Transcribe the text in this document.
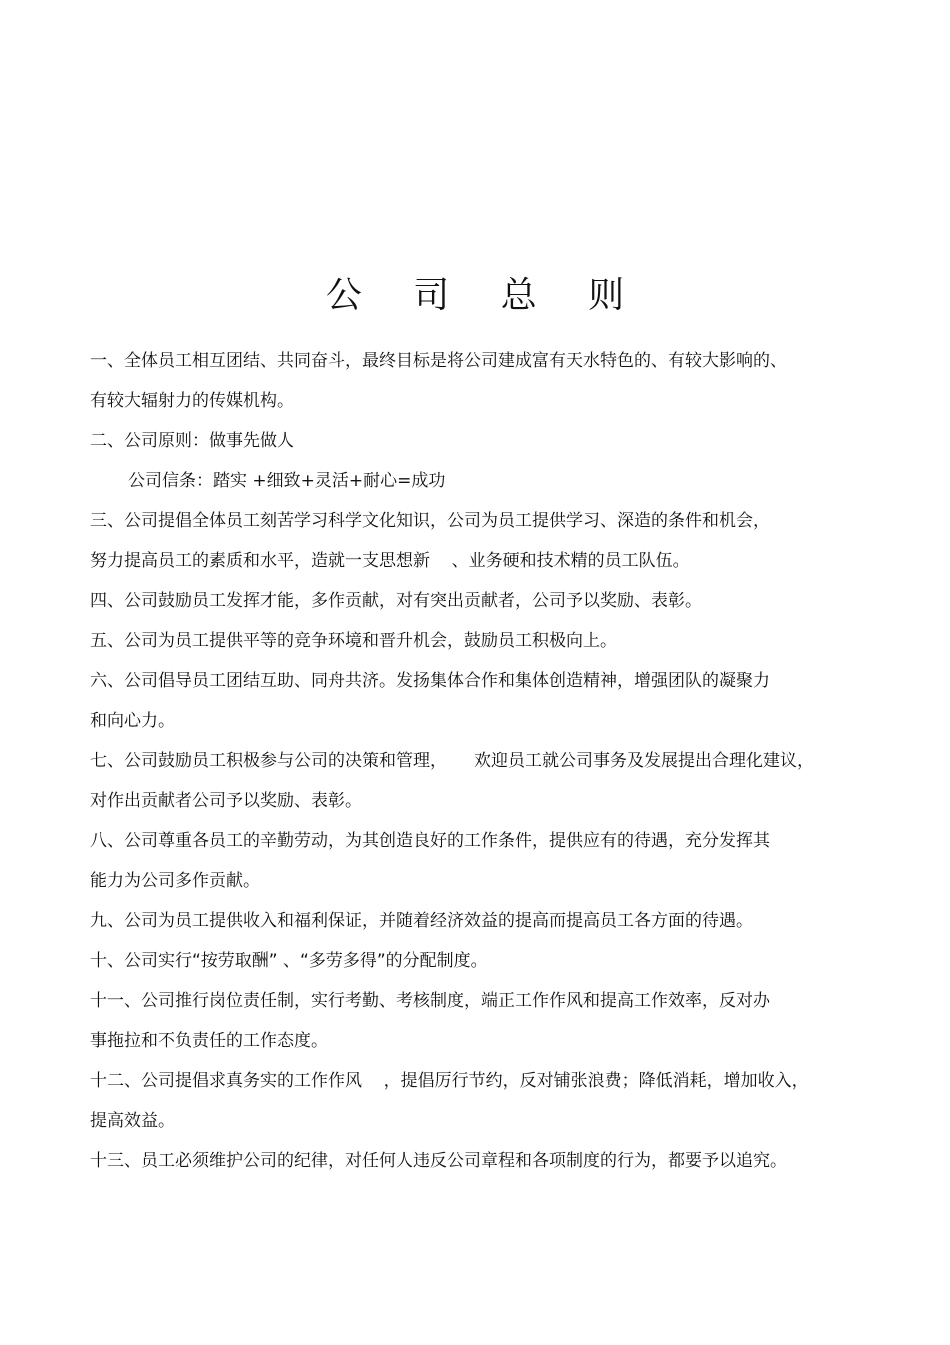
公 司 总 则
一、全体员工相互团结、共同奋斗，最终目标是将公司建成富有天水特色的、有较大影响的、
有较大辐射力的传媒机构。
二、公司原则：做事先做人
公司信条：踏实 +细致+灵活+耐心=成功
三、公司提倡全体员工刻苦学习科学文化知识，公司为员工提供学习、深造的条件和机会，
努力提高员工的素质和水平，造就一支思想新    、业务硬和技术精的员工队伍。
四、公司鼓励员工发挥才能，多作贡献，对有突出贡献者，公司予以奖励、表彰。
五、公司为员工提供平等的竞争环境和晋升机会，鼓励员工积极向上。
六、公司倡导员工团结互助、同舟共济。发扬集体合作和集体创造精神，增强团队的凝聚力
和向心力。
七、公司鼓励员工积极参与公司的决策和管理，     欢迎员工就公司事务及发展提出合理化建议，
对作出贡献者公司予以奖励、表彰。
八、公司尊重各员工的辛勤劳动，为其创造良好的工作条件，提供应有的待遇，充分发挥其
能力为公司多作贡献。
九、公司为员工提供收入和福利保证，并随着经济效益的提高而提高员工各方面的待遇。
十、公司实行“按劳取酬” 、“多劳多得”的分配制度。
十一、公司推行岗位责任制，实行考勤、考核制度，端正工作作风和提高工作效率，反对办
事拖拉和不负责任的工作态度。
十二、公司提倡求真务实的工作作风    ，提倡厉行节约，反对铺张浪费；降低消耗，增加收入，
提高效益。
十三、员工必须维护公司的纪律，对任何人违反公司章程和各项制度的行为，都要予以追究。
